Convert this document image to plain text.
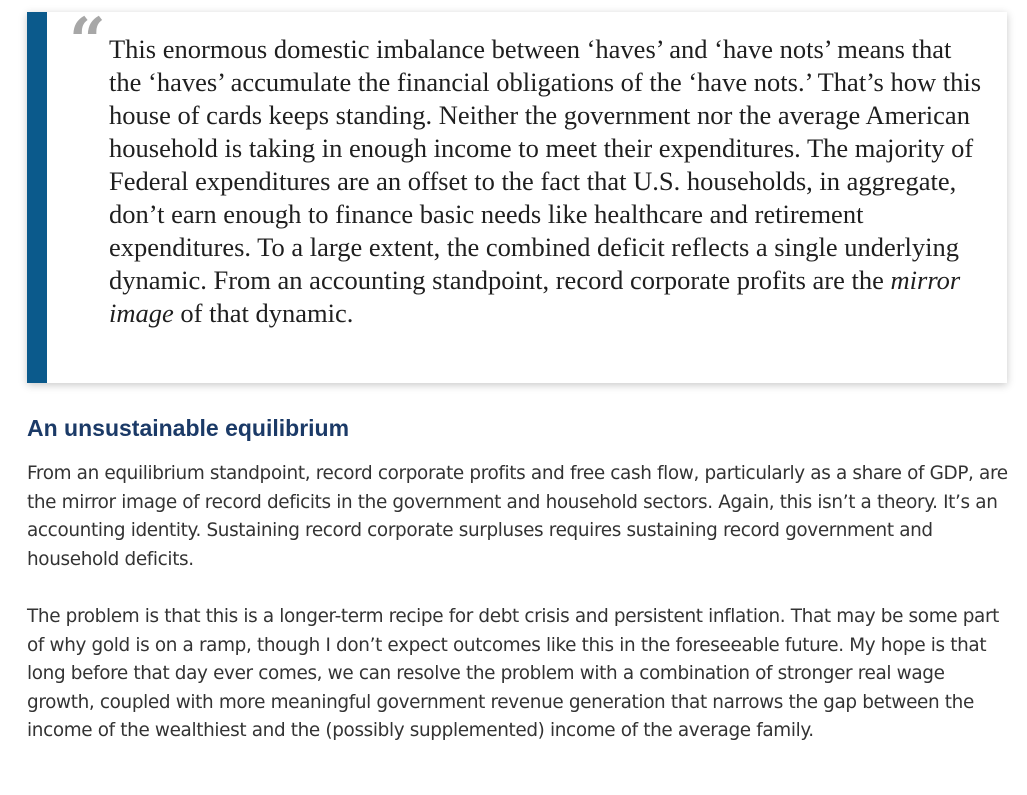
“ This enormous domestic imbalance between ‘haves’ and ‘have nots’ means that the ‘haves’ accumulate the financial obligations of the ‘have nots.’ That’s how this house of cards keeps standing. Neither the government nor the average American household is taking in enough income to meet their expenditures. The majority of Federal expenditures are an offset to the fact that U.S. households, in aggregate, don’t earn enough to finance basic needs like healthcare and retirement expenditures. To a large extent, the combined deficit reflects a single underlying dynamic. From an accounting standpoint, record corporate profits are the mirror image of that dynamic.

An unsustainable equilibrium

From an equilibrium standpoint, record corporate profits and free cash flow, particularly as a share of GDP, are the mirror image of record deficits in the government and household sectors. Again, this isn’t a theory. It’s an accounting identity. Sustaining record corporate surpluses requires sustaining record government and household deficits.

The problem is that this is a longer-term recipe for debt crisis and persistent inflation. That may be some part of why gold is on a ramp, though I don’t expect outcomes like this in the foreseeable future. My hope is that long before that day ever comes, we can resolve the problem with a combination of stronger real wage growth, coupled with more meaningful government revenue generation that narrows the gap between the income of the wealthiest and the (possibly supplemented) income of the average family.
